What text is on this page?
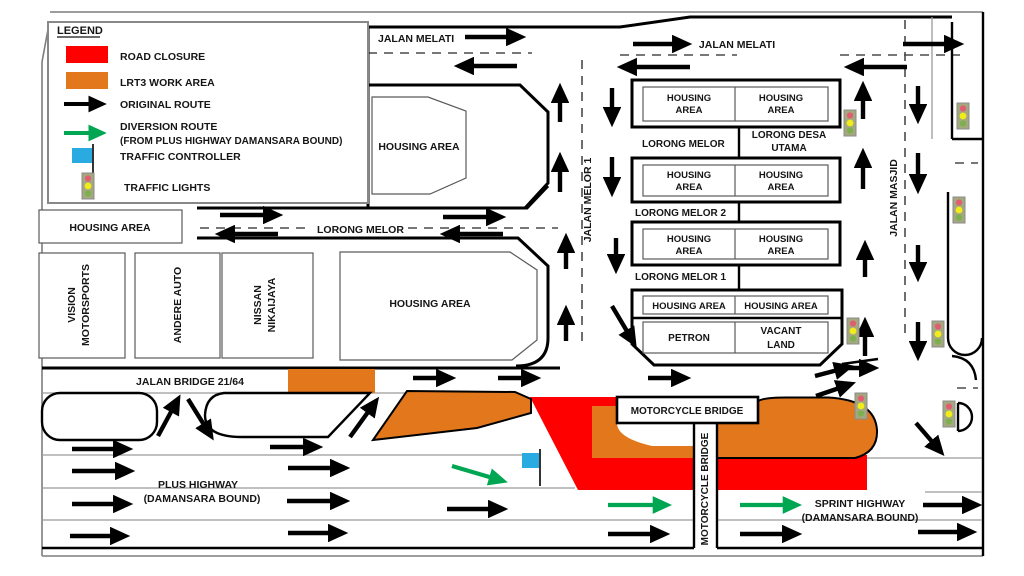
JALAN MELATI	JALAN MELATI
HOUSING AREA	LORONG MELOR
HOUSING AREA
HOUSING AREA
VISION MOTORSPORTS	ANDERE AUTO	NISSAN NIKAIJAYA
JALAN MELOR 1	JALAN MASJID
HOUSING
AREA
HOUSING
AREA
LORONG MELOR
LORONG DESA
UTAMA
HOUSING
AREA
HOUSING
AREA
LORONG MELOR 2
HOUSING
AREA
HOUSING
AREA
LORONG MELOR 1
HOUSING AREA HOUSING AREA
PETRON
VACANT
LAND
JALAN BRIDGE 21/64
MOTORCYCLE BRIDGE
MOTORCYCLE BRIDGE
PLUS HIGHWAY
(DAMANSARA BOUND)	SPRINT HIGHWAY
(DAMANSARA BOUND)
LEGEND
ROAD CLOSURE
LRT3 WORK AREA
ORIGINAL ROUTE
DIVERSION ROUTE
(FROM PLUS HIGHWAY DAMANSARA BOUND)
TRAFFIC CONTROLLER
TRAFFIC LIGHTS
